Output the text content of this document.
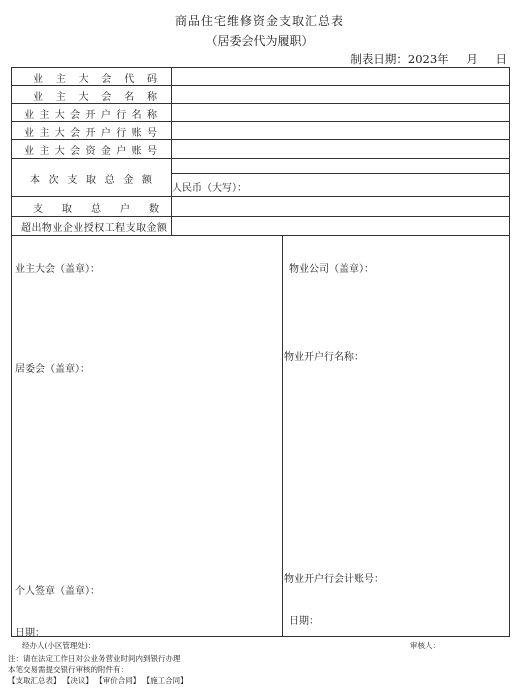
商品住宅维修资金支取汇总表
（居委会代为履职）
制表日期：2023年 月 日
业 主 大 会 代 码
业 主 大 会 名 称
业主大会开户行名称
业主大会开户行账号
业主大会资金户账号
本 次 支 取 总 金 额
人民币（大写）：
支 取 总 户 数
超出物业企业授权工程支取金额
业主大会（盖章）：
居委会（盖章）：
个人签章（盖章）：
日期：
物业公司（盖章）：
物业开户行名称：
物业开户行会计账号：
日期：
经办人(小区管理处)：	审核人：
注：请在法定工作日对公业务营业时间内到银行办理
本笔交易需提交银行审核的附件有：
【支取汇总表】 【决议】 【审价合同】 【施工合同】
